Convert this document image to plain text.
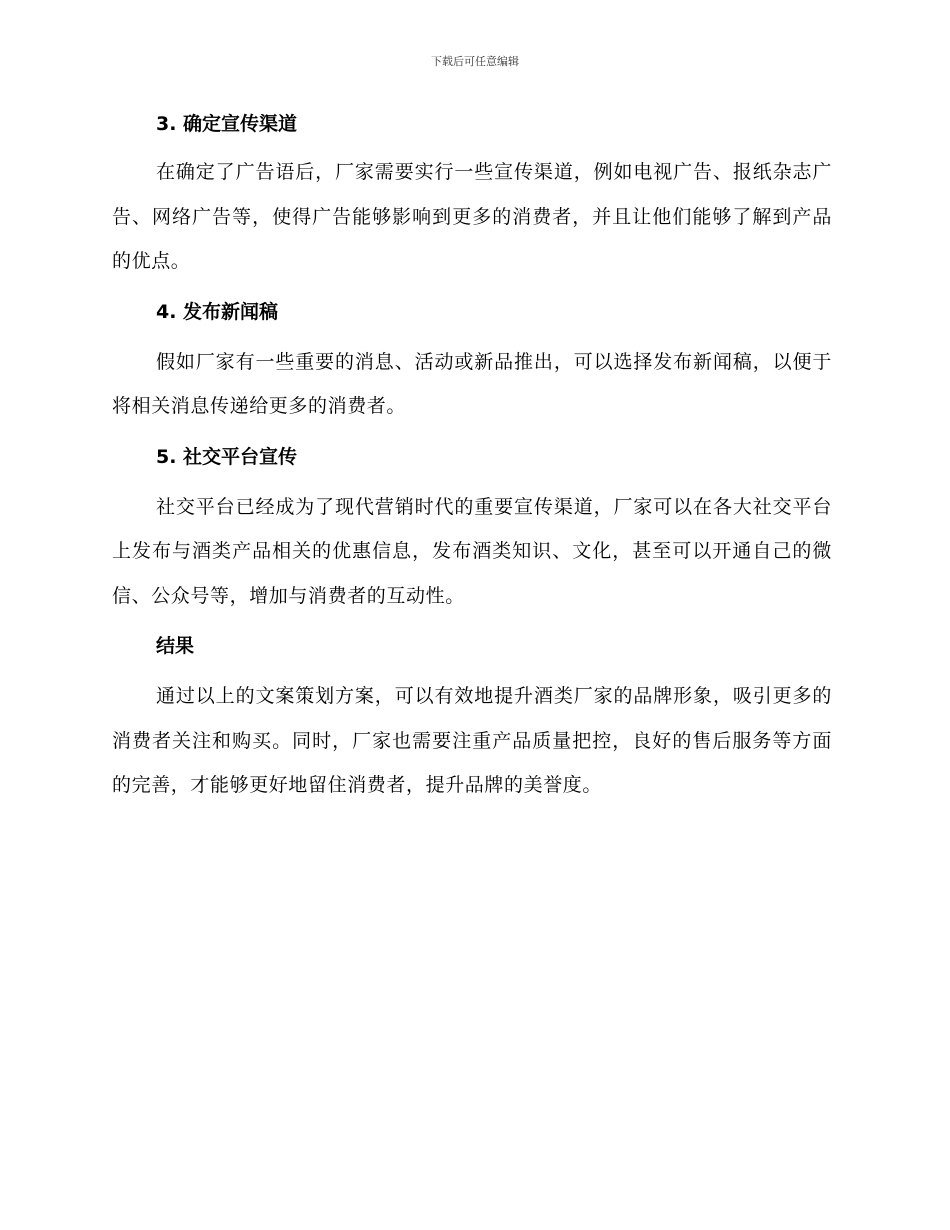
下载后可任意编辑
3. 确定宣传渠道

在确定了广告语后，厂家需要实行一些宣传渠道，例如电视广告、报纸杂志广告、网络广告等，使得广告能够影响到更多的消费者，并且让他们能够了解到产品的优点。

4. 发布新闻稿

假如厂家有一些重要的消息、活动或新品推出，可以选择发布新闻稿，以便于将相关消息传递给更多的消费者。

5. 社交平台宣传

社交平台已经成为了现代营销时代的重要宣传渠道，厂家可以在各大社交平台上发布与酒类产品相关的优惠信息，发布酒类知识、文化，甚至可以开通自己的微信、公众号等，增加与消费者的互动性。

结果

通过以上的文案策划方案，可以有效地提升酒类厂家的品牌形象，吸引更多的消费者关注和购买。同时，厂家也需要注重产品质量把控，良好的售后服务等方面的完善，才能够更好地留住消费者，提升品牌的美誉度。
